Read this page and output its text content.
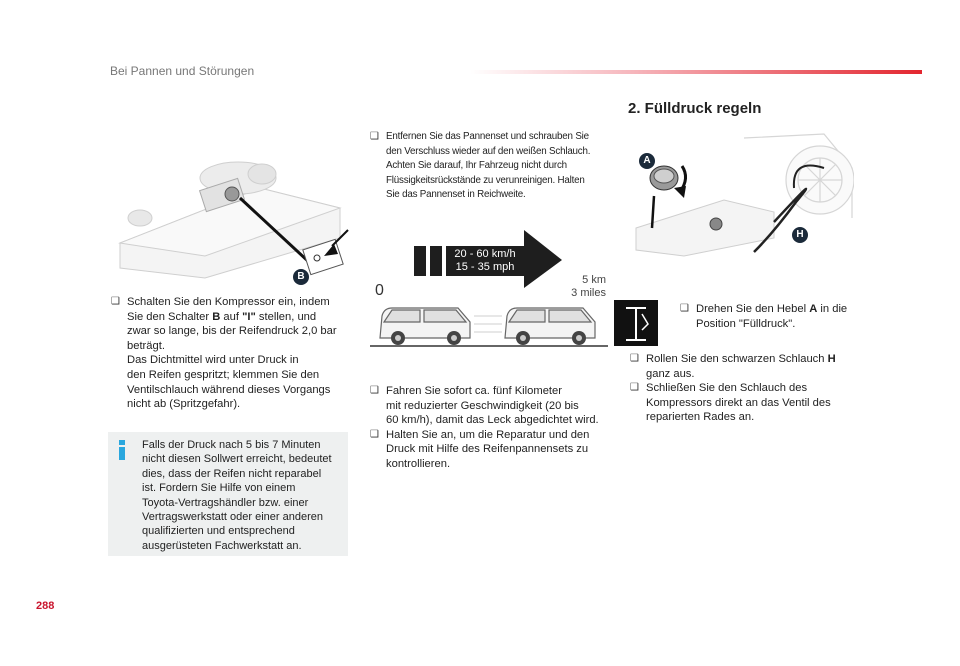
Bei Pannen und Störungen
B
❑ Schalten Sie den Kompressor ein, indem
Sie den Schalter B auf "I" stellen, und
zwar so lange, bis der Reifendruck 2,0 bar
beträgt.
Das Dichtmittel wird unter Druck in
den Reifen gespritzt; klemmen Sie den
Ventilschlauch während dieses Vorgangs
nicht ab (Spritzgefahr).
Falls der Druck nach 5 bis 7 Minuten
nicht diesen Sollwert erreicht, bedeutet
dies, dass der Reifen nicht reparabel
ist. Fordern Sie Hilfe von einem
Toyota-Vertragshändler bzw. einer
Vertragswerkstatt oder einer anderen
qualifizierten und entsprechend
ausgerüsteten Fachwerkstatt an.
❑ Entfernen Sie das Pannenset und schrauben Sie
den Verschluss wieder auf den weißen Schlauch.
Achten Sie darauf, Ihr Fahrzeug nicht durch
Flüssigkeitsrückstände zu verunreinigen. Halten
Sie das Pannenset in Reichweite.
20 - 60 km/h
15 - 35 mph
5 km
3 miles
0
❑ Fahren Sie sofort ca. fünf Kilometer
mit reduzierter Geschwindigkeit (20 bis
60 km/h), damit das Leck abgedichtet wird.
❑ Halten Sie an, um die Reparatur und den
Druck mit Hilfe des Reifenpannensets zu
kontrollieren.
2. Fülldruck regeln
A
H
❑ Drehen Sie den Hebel A in die
Position "Fülldruck".
❑ Rollen Sie den schwarzen Schlauch H
ganz aus.
❑ Schließen Sie den Schlauch des
Kompressors direkt an das Ventil des
reparierten Rades an.
288
